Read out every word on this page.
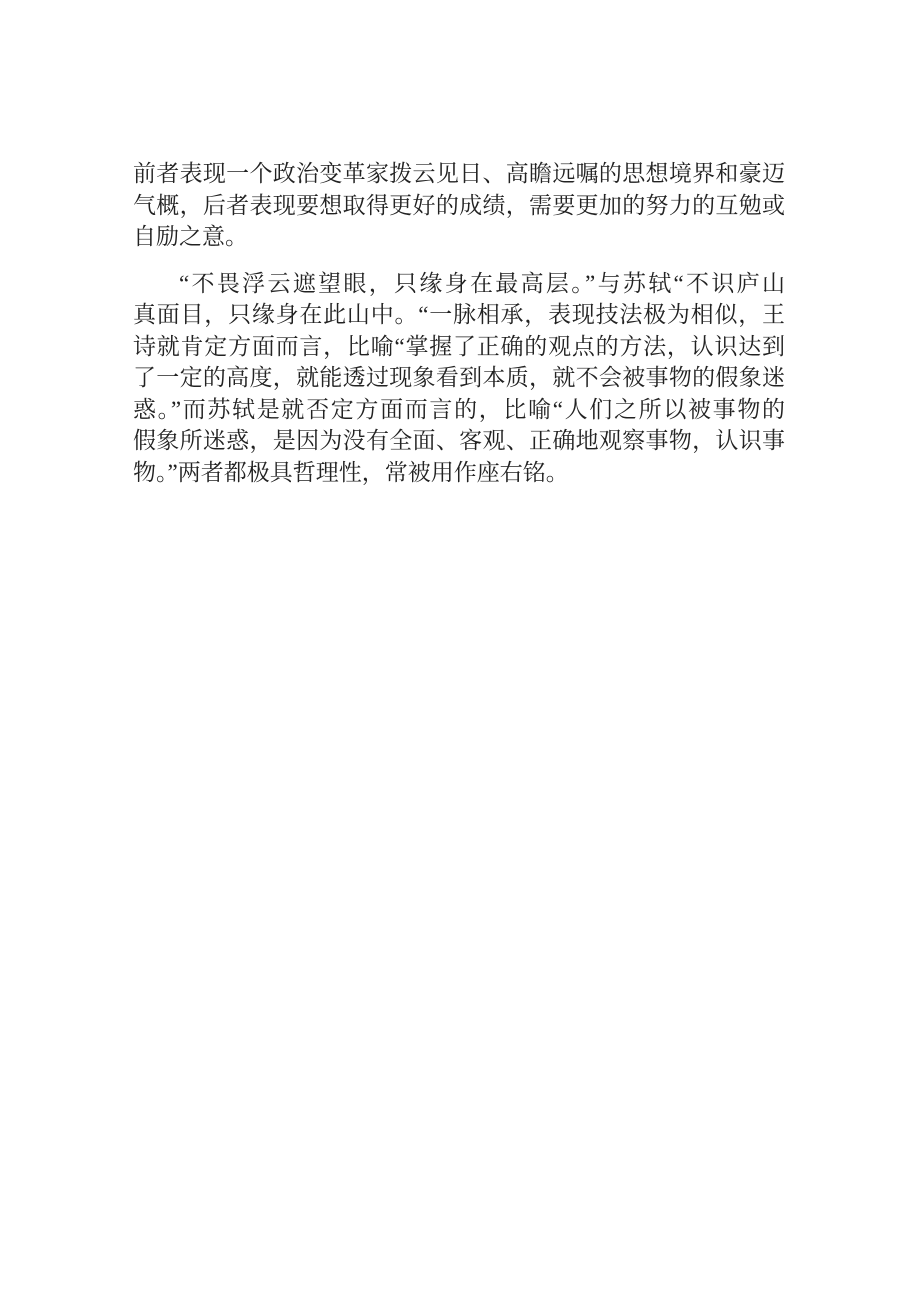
前者表现一个政治变革家拨云见日、高瞻远嘱的思想境界和豪迈
气概，后者表现要想取得更好的成绩，需要更加的努力的互勉或
自励之意。

“不畏浮云遮望眼，只缘身在最高层。”与苏轼“不识庐山
真面目，只缘身在此山中。“一脉相承，表现技法极为相似，王
诗就肯定方面而言，比喻“掌握了正确的观点的方法，认识达到
了一定的高度，就能透过现象看到本质，就不会被事物的假象迷
惑。”而苏轼是就否定方面而言的，比喻“人们之所以被事物的
假象所迷惑，是因为没有全面、客观、正确地观察事物，认识事
物。”两者都极具哲理性，常被用作座右铭。
